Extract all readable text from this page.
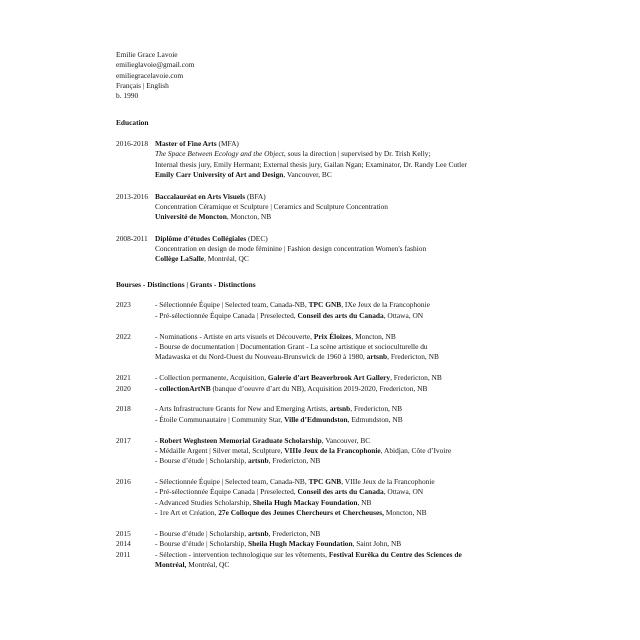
Emilie Grace Lavoie
emilieglavoie@gmail.com
emiliegracelavoie.com
Français | English
b. 1990
Education
2016-2018 Master of Fine Arts (MFA)
The Space Between Ecology and the Object, sous la direction | supervised by Dr. Trish Kelly;
Internal thesis jury, Emily Hermant; External thesis jury, Gailan Ngan; Examinator, Dr. Randy Lee Cutler
Emily Carr University of Art and Design, Vancouver, BC
2013-2016 Baccalauréat en Arts Visuels (BFA)
Concentration Céramique et Sculpture | Ceramics and Sculpture Concentration
Université de Moncton, Moncton, NB
2008-2011 Diplôme d’études Collégiales (DEC)
Concentration en design de mode féminine | Fashion design concentration Women's fashion
Collège LaSalle, Montréal, QC
Bourses - Distinctions | Grants - Distinctions
2023	- Sélectionnée Équipe | Selected team, Canada-NB, TPC GNB, IXe Jeux de la Francophonie
- Pré-sélectionnée Équipe Canada | Preselected, Conseil des arts du Canada, Ottawa, ON
2022	- Nominations - Artiste en arts visuels et Découverte, Prix Éloizes, Moncton, NB
- Bourse de documentation | Documentation Grant - La scène artistique et socioculturelle du
Madawaska et du Nord-Ouest du Nouveau-Brunswick de 1960 à 1980, artsnb, Fredericton, NB
2021	- Collection permanente, Acquisition, Galerie d’art Beaverbrook Art Gallery, Fredericton, NB
2020	- collectionArtNB (banque d’oeuvre d’art du NB), Acquisition 2019-2020, Fredericton, NB
2018	- Arts Infrastructure Grants for New and Emerging Artists, artsnb, Fredericton, NB
- Étoile Communautaire | Community Star, Ville d’Edmundston, Edmundston, NB
2017	- Robert Weghsteen Memorial Graduate Scholarship, Vancouver, BC
- Médaille Argent | Silver metal, Sculpture, VIIIe Jeux de la Francophonie, Abidjan, Côte d’Ivoire
- Bourse d’étude | Scholarship, artsnb, Fredericton, NB
2016	- Sélectionnée Équipe | Selected team, Canada-NB, TPC GNB, VIIIe Jeux de la Francophonie
- Pré-sélectionnée Équipe Canada | Preselected, Conseil des arts du Canada, Ottawa, ON
- Advanced Studies Scholarship, Sheila Hugh Mackay Foundation, NB
- 1re Art et Création, 27e Colloque des Jeunes Chercheurs et Chercheuses, Moncton, NB
2015	- Bourse d’étude | Scholarship, artsnb, Fredericton, NB
2014	- Bourse d’étude | Scholarship, Sheila Hugh Mackay Foundation, Saint John, NB
2011	- Sélection - intervention technologique sur les vêtements, Festival Eurêka du Centre des Sciences de
Montréal, Montréal, QC
